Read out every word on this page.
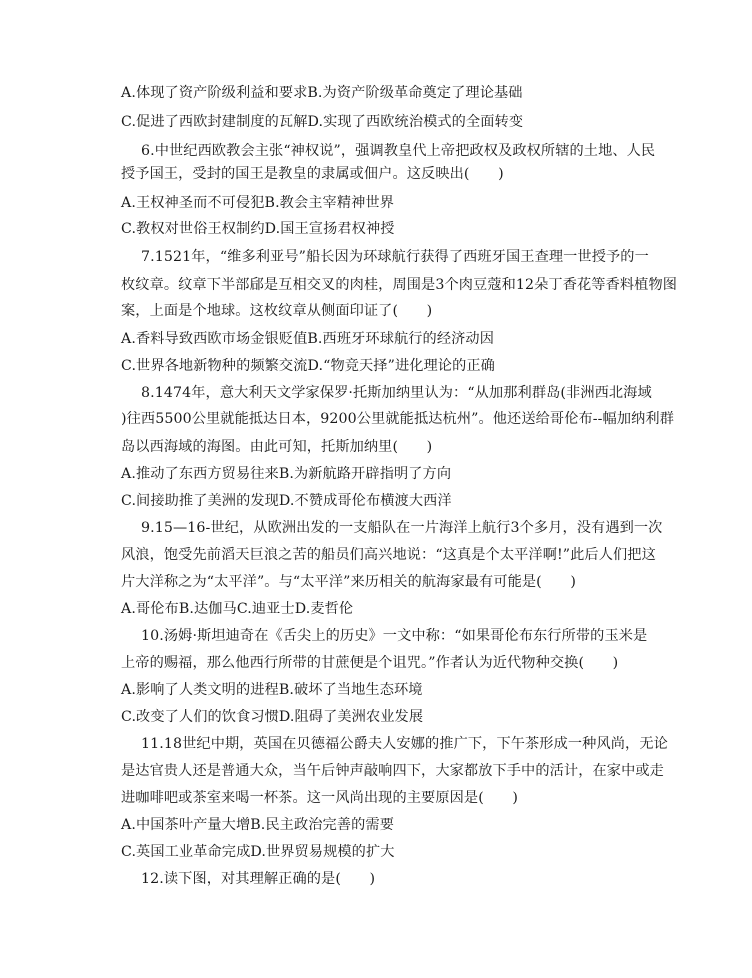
A.体现了资产阶级利益和要求B.为资产阶级革命奠定了理论基础
C.促进了西欧封建制度的瓦解D.实现了西欧统治模式的全面转变
6.中世纪西欧教会主张“神权说”，强调教皇代上帝把政权及政权所辖的土地、人民
授予国王，受封的国王是教皇的隶属或佃户。这反映出(　　)
A.王权神圣而不可侵犯B.教会主宰精神世界
C.教权对世俗王权制约D.国王宣扬君权神授
7.1521年，“维多利亚号”船长因为环球航行获得了西班牙国王查理一世授予的一
枚纹章。纹章下半部郈是互相交叉的肉桂，周围是3个肉豆蔻和12朵丁香花等香料植物图
案，上面是个地球。这枚纹章从侧面印证了(　　)
A.香料导致西欧市场金银贬值B.西班牙环球航行的经济动因
C.世界各地新物种的频繁交流D.“物竞天择”进化理论的正确
8.1474年，意大利天文学家保罗·托斯加纳里认为：“从加那利群岛(非洲西北海域
)往西5500公里就能抵达日本，9200公里就能抵达杭州”。他还送给哥伦布--幅加纳利群
岛以西海域的海图。由此可知，托斯加纳里(　　)
A.推动了东西方贸易往来B.为新航路开辟指明了方向
C.间接助推了美洲的发现D.不赞成哥伦布横渡大西洋
9.15—16-世纪，从欧洲出发的一支船队在一片海洋上航行3个多月，没有遇到一次
风浪，饱受先前滔天巨浪之苦的船员们高兴地说：“这真是个太平洋啊!”此后人们把这
片大洋称之为“太平洋”。与“太平洋”来历相关的航海家最有可能是(　　)
A.哥伦布B.达伽马C.迪亚士D.麦哲伦
10.汤姆·斯坦迪奇在《舌尖上的历史》一文中称：“如果哥伦布东行所带的玉米是
上帝的赐福，那么他西行所带的甘蔗便是个诅咒。”作者认为近代物种交换(　　)
A.影响了人类文明的进程B.破坏了当地生态环境
C.改变了人们的饮食习惯D.阻碍了美洲农业发展
11.18世纪中期，英国在贝德福公爵夫人安娜的推广下，下午茶形成一种风尚，无论
是达官贵人还是普通大众，当午后钟声敲响四下，大家都放下手中的活计，在家中或走
进咖啡吧或茶室来喝一杯茶。这一风尚出现的主要原因是(　　)
A.中国茶叶产量大增B.民主政治完善的需要
C.英国工业革命完成D.世界贸易规模的扩大
12.读下图，对其理解正确的是(　　)
